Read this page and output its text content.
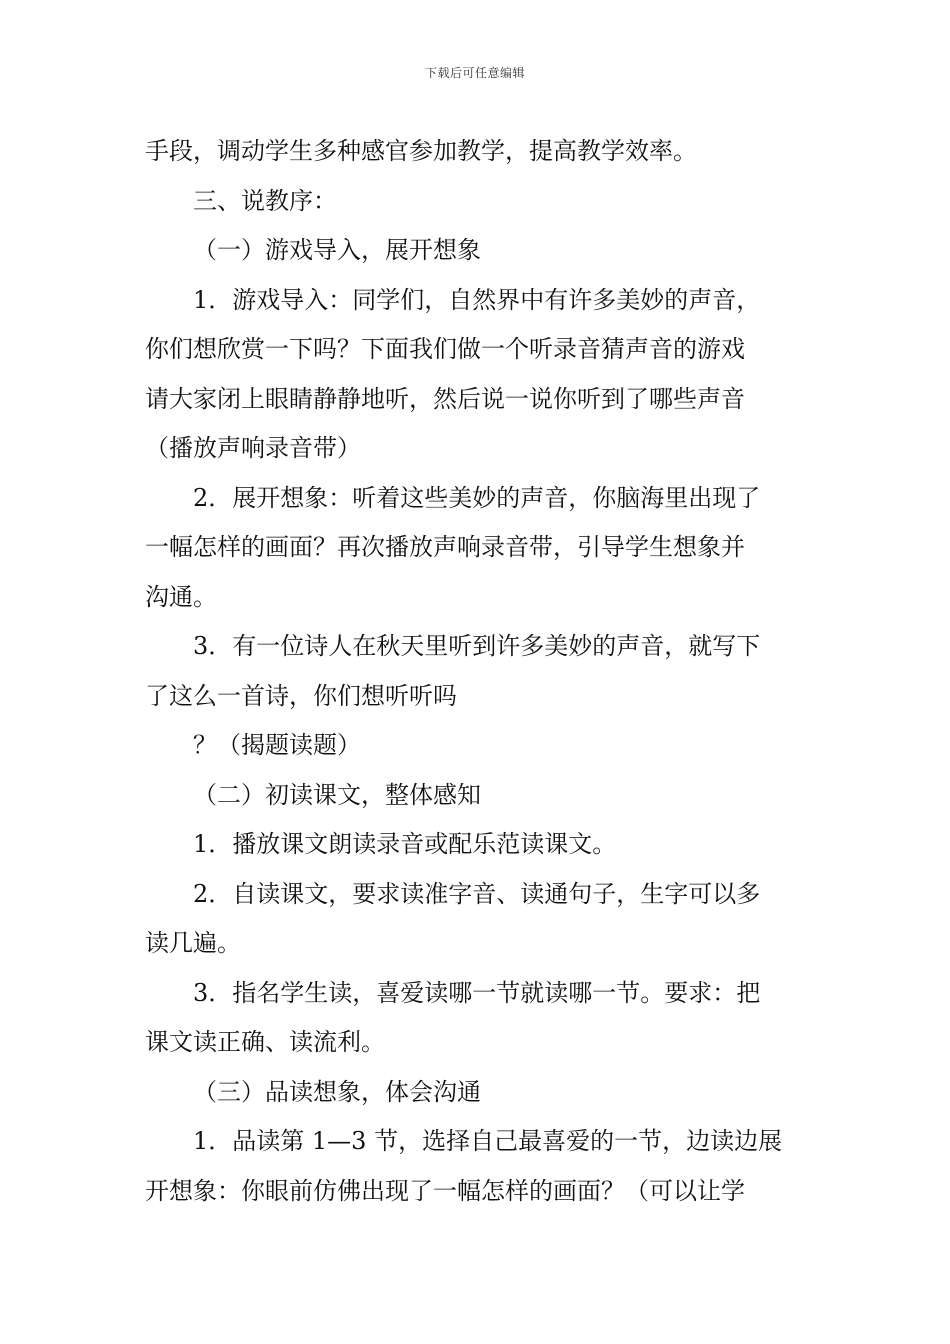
下载后可任意编辑
手段，调动学生多种感官参加教学，提高教学效率。
三、说教序：
（一）游戏导入，展开想象
1．游戏导入：同学们，自然界中有许多美妙的声音，
你们想欣赏一下吗？下面我们做一个听录音猜声音的游戏
请大家闭上眼睛静静地听，然后说一说你听到了哪些声音
（播放声响录音带）
2．展开想象：听着这些美妙的声音，你脑海里出现了
一幅怎样的画面？再次播放声响录音带，引导学生想象并
沟通。
3．有一位诗人在秋天里听到许多美妙的声音，就写下
了这么一首诗，你们想听听吗
？（揭题读题）
（二）初读课文，整体感知
1．播放课文朗读录音或配乐范读课文。
2．自读课文，要求读准字音、读通句子，生字可以多
读几遍。
3．指名学生读，喜爱读哪一节就读哪一节。要求：把
课文读正确、读流利。
（三）品读想象，体会沟通
1．品读第 1—3 节，选择自己最喜爱的一节，边读边展
开想象：你眼前仿佛出现了一幅怎样的画面？（可以让学
